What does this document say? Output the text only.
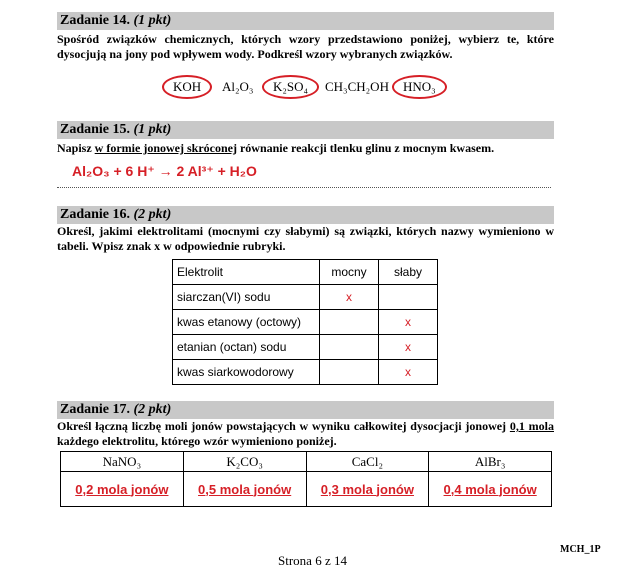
Zadanie 14. (1 pkt)
Spośród związków chemicznych, których wzory przedstawiono poniżej, wybierz te, które dysocjują na jony pod wpływem wody. Podkreśl wzory wybranych związków.
KOH	Al₂O₃	K₂SO₄	CH₃CH₂OH	HNO₃
Zadanie 15. (1 pkt)
Napisz w formie jonowej skróconej równanie reakcji tlenku glinu z mocnym kwasem.
Al₂O₃ + 6 H⁺ → 2 Al³⁺ + H₂O
Zadanie 16. (2 pkt)
Określ, jakimi elektrolitami (mocnymi czy słabymi) są związki, których nazwy wymieniono w tabeli. Wpisz znak x w odpowiednie rubryki.
Elektrolit	mocny	słaby
siarczan(VI) sodu	x	
kwas etanowy (octowy)		x
etanian (octan) sodu		x
kwas siarkowodorowy		x
Zadanie 17. (2 pkt)
Określ łączną liczbę moli jonów powstających w wyniku całkowitej dysocjacji jonowej 0,1 mola każdego elektrolitu, którego wzór wymieniono poniżej.
NaNO₃	K₂CO₃	CaCl₂	AlBr₃
0,2 mola jonów	0,5 mola jonów	0,3 mola jonów	0,4 mola jonów
MCH_1P
Strona 6 z 14
